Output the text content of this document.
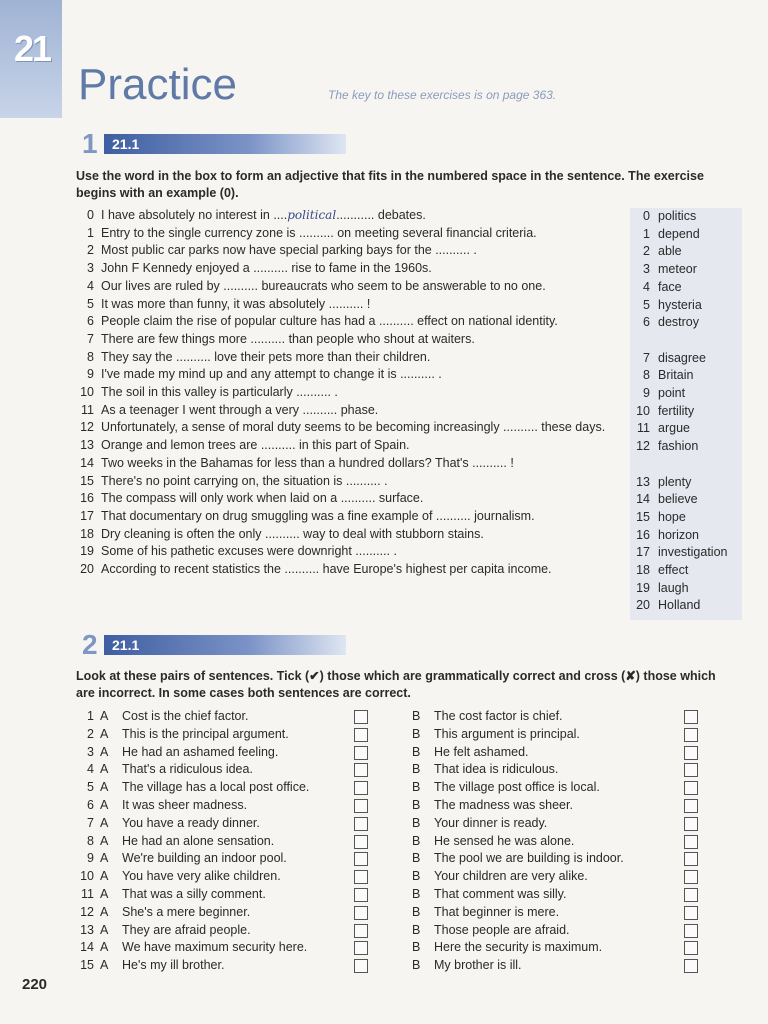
21
Practice	The key to these exercises is on page 363.
1 21.1
Use the word in the box to form an adjective that fits in the numbered space in the sentence. The exercise begins with an example (0).
0 I have absolutely no interest in ....political........... debates.
1 Entry to the single currency zone is .......... on meeting several financial criteria.
2 Most public car parks now have special parking bays for the .......... .
3 John F Kennedy enjoyed a .......... rise to fame in the 1960s.
4 Our lives are ruled by .......... bureaucrats who seem to be answerable to no one.
5 It was more than funny, it was absolutely .......... !
6 People claim the rise of popular culture has had a .......... effect on national identity.
7 There are few things more .......... than people who shout at waiters.
8 They say the .......... love their pets more than their children.
9 I've made my mind up and any attempt to change it is .......... .
10 The soil in this valley is particularly .......... .
11 As a teenager I went through a very .......... phase.
12 Unfortunately, a sense of moral duty seems to be becoming increasingly .......... these days.
13 Orange and lemon trees are .......... in this part of Spain.
14 Two weeks in the Bahamas for less than a hundred dollars? That's .......... !
15 There's no point carrying on, the situation is .......... .
16 The compass will only work when laid on a .......... surface.
17 That documentary on drug smuggling was a fine example of .......... journalism.
18 Dry cleaning is often the only .......... way to deal with stubborn stains.
19 Some of his pathetic excuses were downright .......... .
20 According to recent statistics the .......... have Europe's highest per capita income.
0 politics
1 depend
2 able
3 meteor
4 face
5 hysteria
6 destroy
7 disagree
8 Britain
9 point
10 fertility
11 argue
12 fashion
13 plenty
14 believe
15 hope
16 horizon
17 investigation
18 effect
19 laugh
20 Holland
2 21.1
Look at these pairs of sentences. Tick (✔) those which are grammatically correct and cross (✘) those which are incorrect. In some cases both sentences are correct.
1 A Cost is the chief factor.	B The cost factor is chief.
2 A This is the principal argument.	B This argument is principal.
3 A He had an ashamed feeling.	B He felt ashamed.
4 A That's a ridiculous idea.	B That idea is ridiculous.
5 A The village has a local post office.	B The village post office is local.
6 A It was sheer madness.	B The madness was sheer.
7 A You have a ready dinner.	B Your dinner is ready.
8 A He had an alone sensation.	B He sensed he was alone.
9 A We're building an indoor pool.	B The pool we are building is indoor.
10 A You have very alike children.	B Your children are very alike.
11 A That was a silly comment.	B That comment was silly.
12 A She's a mere beginner.	B That beginner is mere.
13 A They are afraid people.	B Those people are afraid.
14 A We have maximum security here.	B Here the security is maximum.
15 A He's my ill brother.	B My brother is ill.
220
